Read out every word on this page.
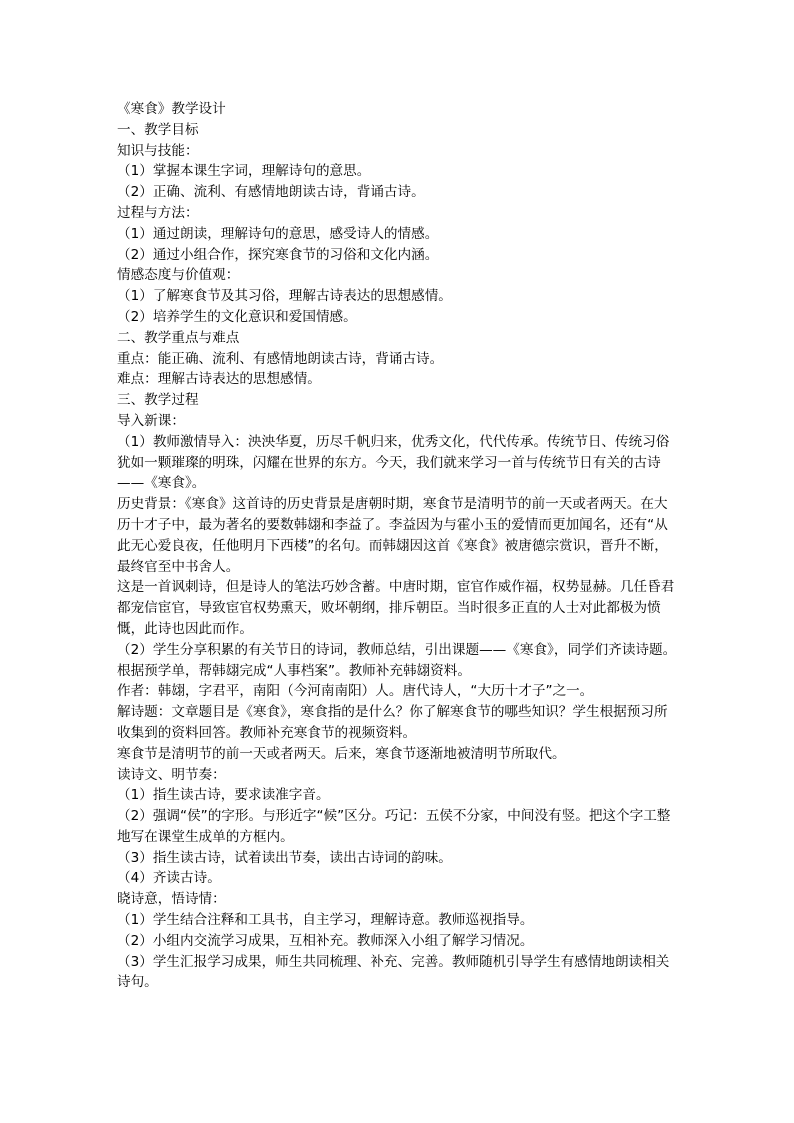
《寒食》教学设计

一、教学目标

知识与技能：

（1）掌握本课生字词，理解诗句的意思。

（2）正确、流利、有感情地朗读古诗，背诵古诗。

过程与方法：

（1）通过朗读，理解诗句的意思，感受诗人的情感。

（2）通过小组合作，探究寒食节的习俗和文化内涵。

情感态度与价值观：

（1）了解寒食节及其习俗，理解古诗表达的思想感情。

（2）培养学生的文化意识和爱国情感。

二、教学重点与难点

重点：能正确、流利、有感情地朗读古诗，背诵古诗。

难点：理解古诗表达的思想感情。

三、教学过程

导入新课：

（1）教师激情导入：泱泱华夏，历尽千帆归来，优秀文化，代代传承。传统节日、传统习俗犹如一颗璀璨的明珠，闪耀在世界的东方。今天，我们就来学习一首与传统节日有关的古诗——《寒食》。

历史背景：《寒食》这首诗的历史背景是唐朝时期，寒食节是清明节的前一天或者两天。在大历十才子中，最为著名的要数韩翃和李益了。李益因为与霍小玉的爱情而更加闻名，还有“从此无心爱良夜，任他明月下西楼”的名句。而韩翃因这首《寒食》被唐德宗赏识，晋升不断，最终官至中书舍人。

这是一首讽刺诗，但是诗人的笔法巧妙含蓄。中唐时期，宦官作威作福，权势显赫。几任昏君都宠信宦官，导致宦官权势熏天，败坏朝纲，排斥朝臣。当时很多正直的人士对此都极为愤慨，此诗也因此而作。

（2）学生分享积累的有关节日的诗词，教师总结，引出课题——《寒食》，同学们齐读诗题。

根据预学单，帮韩翃完成“人事档案”。教师补充韩翃资料。

作者：韩翃，字君平，南阳（今河南南阳）人。唐代诗人，“大历十才子”之一。

解诗题：文章题目是《寒食》，寒食指的是什么？你了解寒食节的哪些知识？学生根据预习所收集到的资料回答。教师补充寒食节的视频资料。

寒食节是清明节的前一天或者两天。后来，寒食节逐渐地被清明节所取代。

读诗文、明节奏：

（1）指生读古诗，要求读准字音。

（2）强调“侯”的字形。与形近字“候”区分。巧记：五侯不分家，中间没有竖。把这个字工整地写在课堂生成单的方框内。

（3）指生读古诗，试着读出节奏，读出古诗词的韵味。

（4）齐读古诗。

晓诗意，悟诗情：

（1）学生结合注释和工具书，自主学习，理解诗意。教师巡视指导。

（2）小组内交流学习成果，互相补充。教师深入小组了解学习情况。

（3）学生汇报学习成果，师生共同梳理、补充、完善。教师随机引导学生有感情地朗读相关诗句。
